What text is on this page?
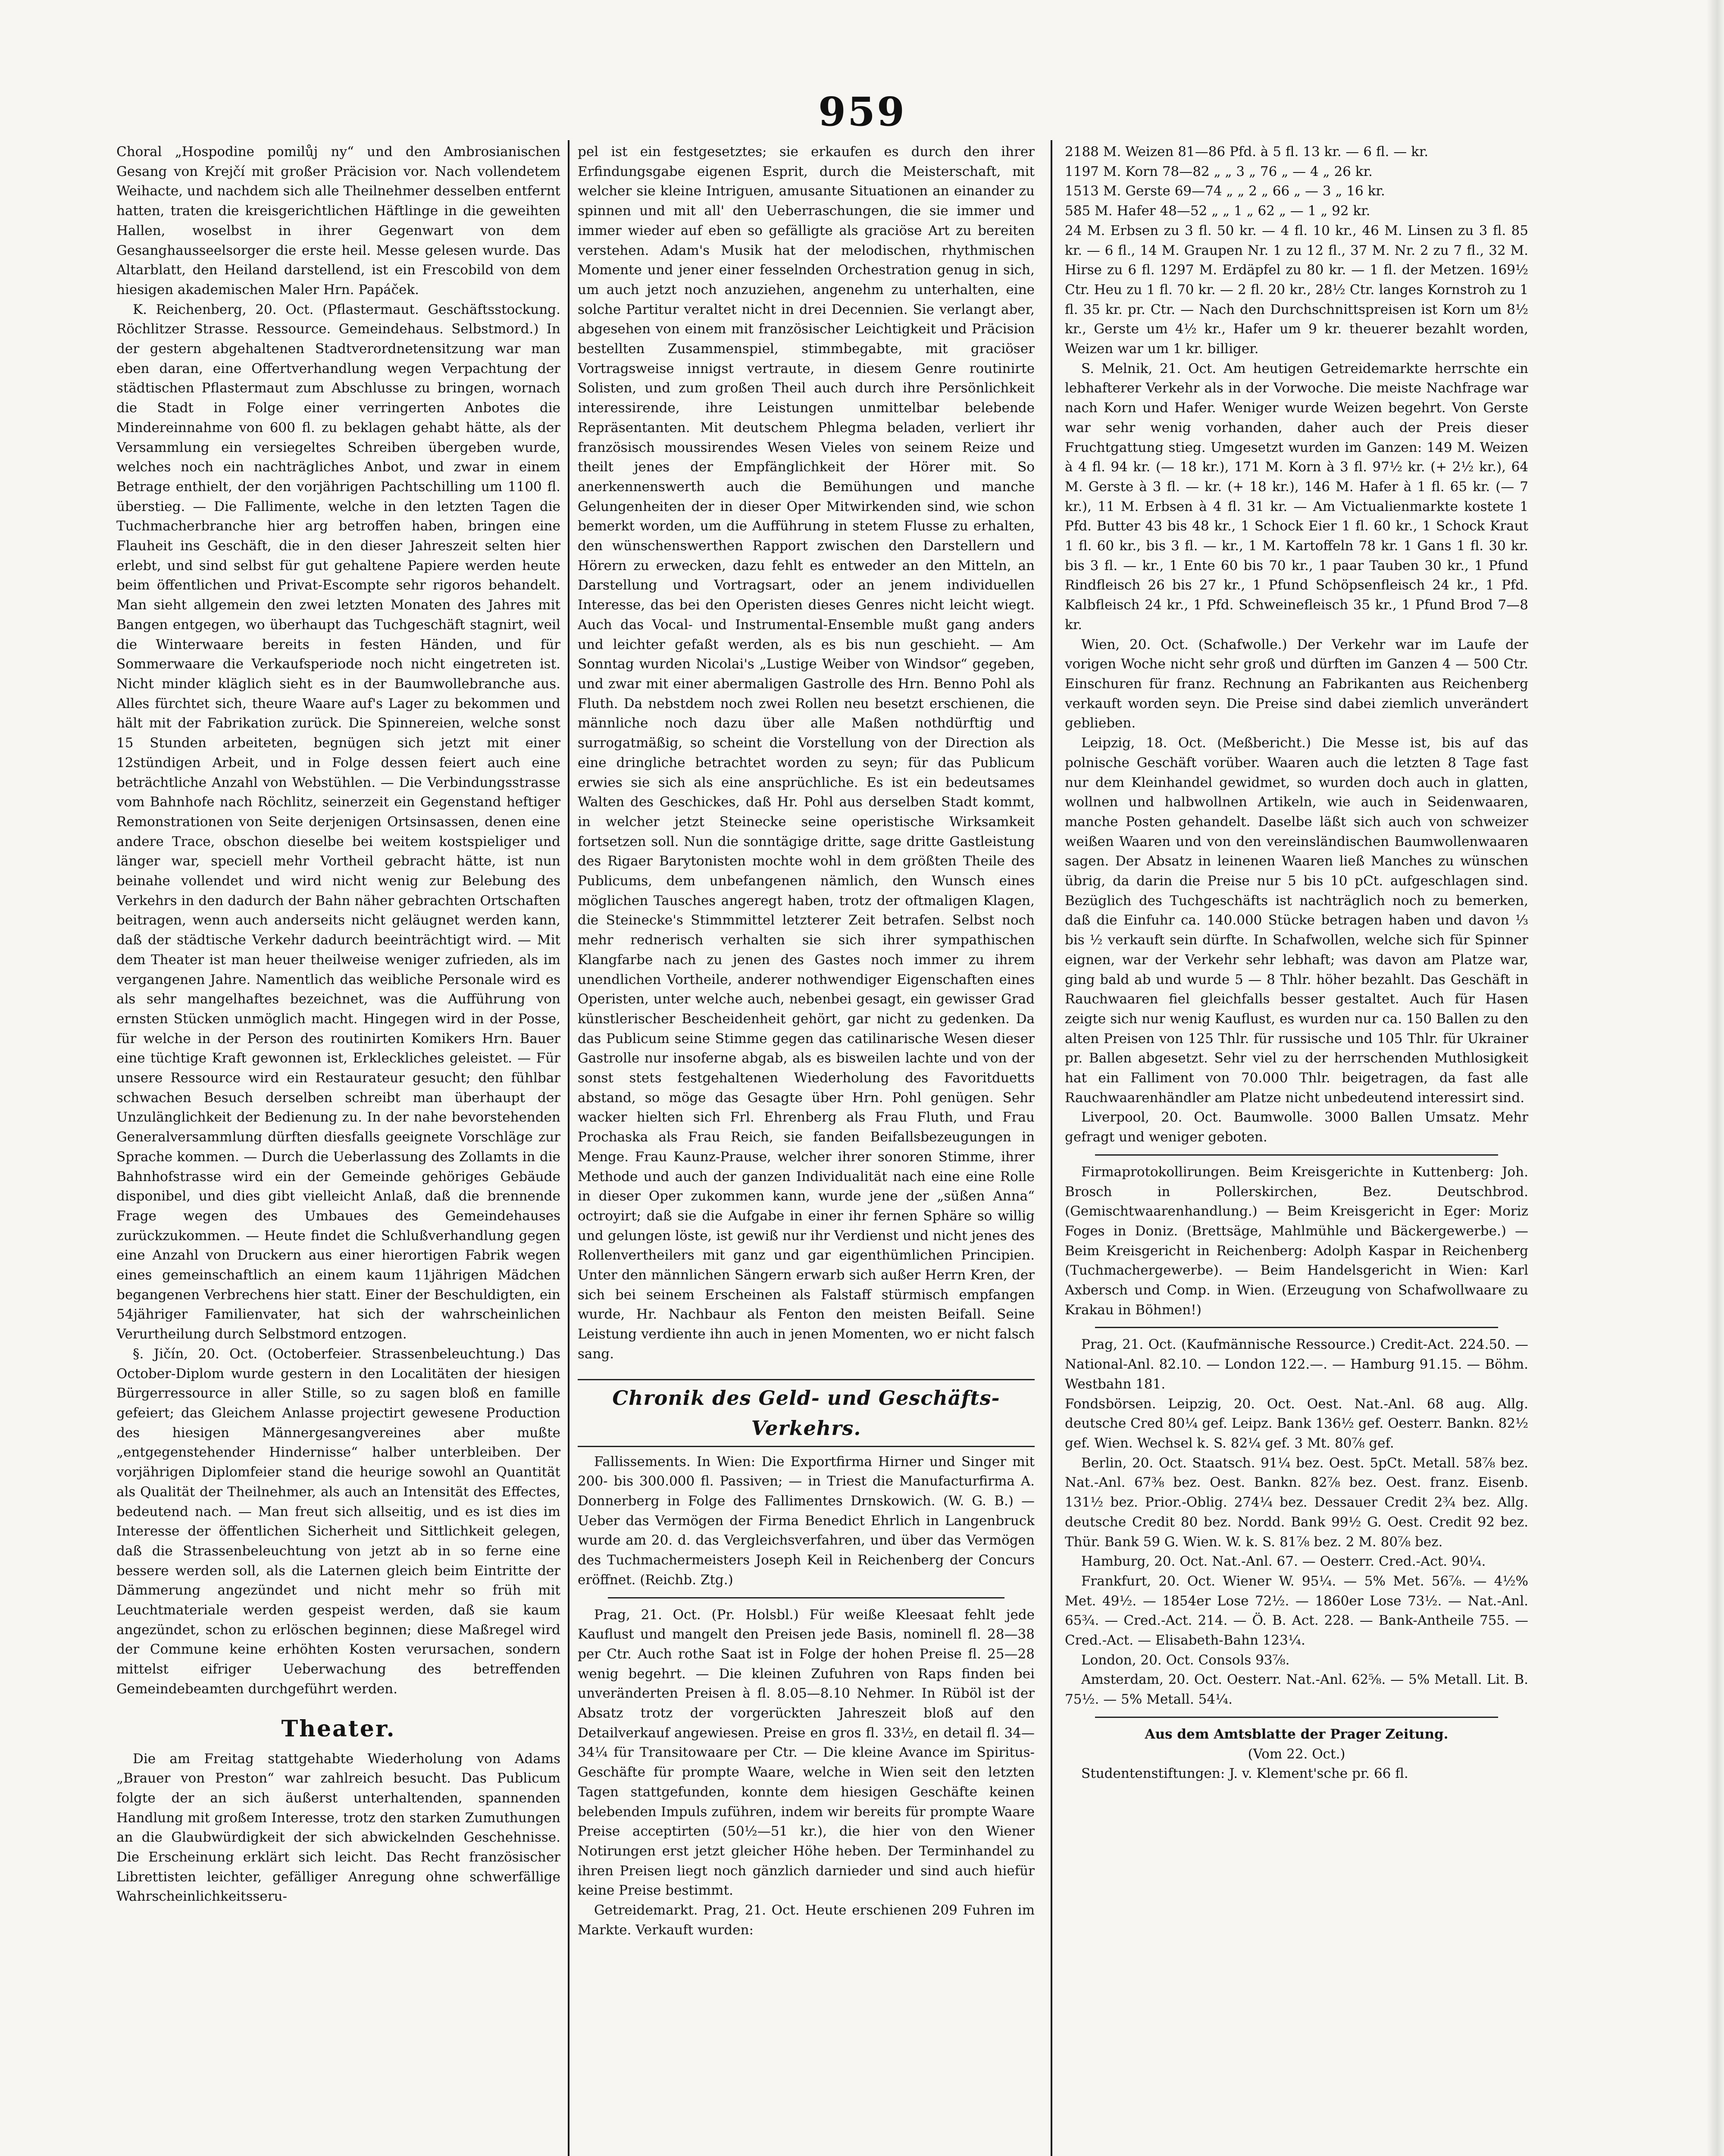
959

Choral „Hospodine pomilůj ny“ und den Ambrosianischen Gesang von Krejčí mit großer Präcision vor. Nach vollendetem Weihacte, und nachdem sich alle Theilnehmer desselben entfernt hatten, traten die kreisgerichtlichen Häftlinge in die geweihten Hallen, woselbst in ihrer Gegenwart von dem Gesanghausseelsorger die erste heil. Messe gelesen wurde. Das Altarblatt, den Heiland darstellend, ist ein Frescobild von dem hiesigen akademischen Maler Hrn. Papáček.

K. Reichenberg, 20. Oct. (Pflastermaut. Geschäftsstockung. Röchlitzer Strasse. Ressource. Gemeindehaus. Selbstmord.) In der gestern abgehaltenen Stadtverordnetensitzung war man eben daran, eine Offertverhandlung wegen Verpachtung der städtischen Pflastermaut zum Abschlusse zu bringen, wornach die Stadt in Folge einer verringerten Anbotes die Mindereinnahme von 600 fl. zu beklagen gehabt hätte, als der Versammlung ein versiegeltes Schreiben übergeben wurde, welches noch ein nachträgliches Anbot, und zwar in einem Betrage enthielt, der den vorjährigen Pachtschilling um 1100 fl. überstieg. — Die Fallimente, welche in den letzten Tagen die Tuchmacherbranche hier arg betroffen haben, bringen eine Flauheit ins Geschäft, die in den dieser Jahreszeit selten hier erlebt, und sind selbst für gut gehaltene Papiere werden heute beim öffentlichen und Privat-Escompte sehr rigoros behandelt. Man sieht allgemein den zwei letzten Monaten des Jahres mit Bangen entgegen, wo überhaupt das Tuchgeschäft stagnirt, weil die Winterwaare bereits in festen Händen, und für Sommerwaare die Verkaufsperiode noch nicht eingetreten ist. Nicht minder kläglich sieht es in der Baumwollebranche aus. Alles fürchtet sich, theure Waare auf's Lager zu bekommen und hält mit der Fabrikation zurück. Die Spinnereien, welche sonst 15 Stunden arbeiteten, begnügen sich jetzt mit einer 12stündigen Arbeit, und in Folge dessen feiert auch eine beträchtliche Anzahl von Webstühlen. — Die Verbindungsstrasse vom Bahnhofe nach Röchlitz, seinerzeit ein Gegenstand heftiger Remonstrationen von Seite derjenigen Ortsinsassen, denen eine andere Trace, obschon dieselbe bei weitem kostspieliger und länger war, speciell mehr Vortheil gebracht hätte, ist nun beinahe vollendet und wird nicht wenig zur Belebung des Verkehrs in den dadurch der Bahn näher gebrachten Ortschaften beitragen, wenn auch anderseits nicht geläugnet werden kann, daß der städtische Verkehr dadurch beeinträchtigt wird. — Mit dem Theater ist man heuer theilweise weniger zufrieden, als im vergangenen Jahre. Namentlich das weibliche Personale wird es als sehr mangelhaftes bezeichnet, was die Aufführung von ernsten Stücken unmöglich macht. Hingegen wird in der Posse, für welche in der Person des routinirten Komikers Hrn. Bauer eine tüchtige Kraft gewonnen ist, Erkleckliches geleistet. — Für unsere Ressource wird ein Restaurateur gesucht; den fühlbar schwachen Besuch derselben schreibt man überhaupt der Unzulänglichkeit der Bedienung zu. In der nahe bevorstehenden Generalversammlung dürften diesfalls geeignete Vorschläge zur Sprache kommen. — Durch die Ueberlassung des Zollamts in die Bahnhofstrasse wird ein der Gemeinde gehöriges Gebäude disponibel, und dies gibt vielleicht Anlaß, daß die brennende Frage wegen des Umbaues des Gemeindehauses zurückzukommen. — Heute findet die Schlußverhandlung gegen eine Anzahl von Druckern aus einer hierortigen Fabrik wegen eines gemeinschaftlich an einem kaum 11jährigen Mädchen begangenen Verbrechens hier statt. Einer der Beschuldigten, ein 54jähriger Familienvater, hat sich der wahrscheinlichen Verurtheilung durch Selbstmord entzogen.

§. Jičín, 20. Oct. (Octoberfeier. Strassenbeleuchtung.) Das October-Diplom wurde gestern in den Localitäten der hiesigen Bürgerressource in aller Stille, so zu sagen bloß en famille gefeiert; das Gleichem Anlasse projectirt gewesene Production des hiesigen Männergesangvereines aber mußte „entgegenstehender Hindernisse“ halber unterbleiben. Der vorjährigen Diplomfeier stand die heurige sowohl an Quantität als Qualität der Theilnehmer, als auch an Intensität des Effectes, bedeutend nach. — Man freut sich allseitig, und es ist dies im Interesse der öffentlichen Sicherheit und Sittlichkeit gelegen, daß die Strassenbeleuchtung von jetzt ab in so ferne eine bessere werden soll, als die Laternen gleich beim Eintritte der Dämmerung angezündet und nicht mehr so früh mit Leuchtmateriale werden gespeist werden, daß sie kaum angezündet, schon zu erlöschen beginnen; diese Maßregel wird der Commune keine erhöhten Kosten verursachen, sondern mittelst eifriger Ueberwachung des betreffenden Gemeindebeamten durchgeführt werden.

Theater.

Die am Freitag stattgehabte Wiederholung von Adams „Brauer von Preston“ war zahlreich besucht. Das Publicum folgte der an sich äußerst unterhaltenden, spannenden Handlung mit großem Interesse, trotz den starken Zumuthungen an die Glaubwürdigkeit der sich abwickelnden Geschehnisse. Die Erscheinung erklärt sich leicht. Das Recht französischer Librettisten leichter, gefälliger Anregung ohne schwerfällige Wahrscheinlichkeitsseru-

pel ist ein festgesetztes; sie erkaufen es durch den ihrer Erfindungsgabe eigenen Esprit, durch die Meisterschaft, mit welcher sie kleine Intriguen, amusante Situationen an einander zu spinnen und mit all' den Ueberraschungen, die sie immer und immer wieder auf eben so gefälligte als graciöse Art zu bereiten verstehen. Adam's Musik hat der melodischen, rhythmischen Momente und jener einer fesselnden Orchestration genug in sich, um auch jetzt noch anzuziehen, angenehm zu unterhalten, eine solche Partitur veraltet nicht in drei Decennien. Sie verlangt aber, abgesehen von einem mit französischer Leichtigkeit und Präcision bestellten Zusammenspiel, stimmbegabte, mit graciöser Vortragsweise innigst vertraute, in diesem Genre routinirte Solisten, und zum großen Theil auch durch ihre Persönlichkeit interessirende, ihre Leistungen unmittelbar belebende Repräsentanten. Mit deutschem Phlegma beladen, verliert ihr französisch moussirendes Wesen Vieles von seinem Reize und theilt jenes der Empfänglichkeit der Hörer mit. So anerkennenswerth auch die Bemühungen und manche Gelungenheiten der in dieser Oper Mitwirkenden sind, wie schon bemerkt worden, um die Aufführung in stetem Flusse zu erhalten, den wünschenswerthen Rapport zwischen den Darstellern und Hörern zu erwecken, dazu fehlt es entweder an den Mitteln, an Darstellung und Vortragsart, oder an jenem individuellen Interesse, das bei den Operisten dieses Genres nicht leicht wiegt. Auch das Vocal- und Instrumental-Ensemble mußt gang anders und leichter gefaßt werden, als es bis nun geschieht. — Am Sonntag wurden Nicolai's „Lustige Weiber von Windsor“ gegeben, und zwar mit einer abermaligen Gastrolle des Hrn. Benno Pohl als Fluth. Da nebstdem noch zwei Rollen neu besetzt erschienen, die männliche noch dazu über alle Maßen nothdürftig und surrogatmäßig, so scheint die Vorstellung von der Direction als eine dringliche betrachtet worden zu seyn; für das Publicum erwies sie sich als eine ansprüchliche. Es ist ein bedeutsames Walten des Geschickes, daß Hr. Pohl aus derselben Stadt kommt, in welcher jetzt Steinecke seine operistische Wirksamkeit fortsetzen soll. Nun die sonntägige dritte, sage dritte Gastleistung des Rigaer Barytonisten mochte wohl in dem größten Theile des Publicums, dem unbefangenen nämlich, den Wunsch eines möglichen Tausches angeregt haben, trotz der oftmaligen Klagen, die Steinecke's Stimmmittel letzterer Zeit betrafen. Selbst noch mehr rednerisch verhalten sie sich ihrer sympathischen Klangfarbe nach zu jenen des Gastes noch immer zu ihrem unendlichen Vortheile, anderer nothwendiger Eigenschaften eines Operisten, unter welche auch, nebenbei gesagt, ein gewisser Grad künstlerischer Bescheidenheit gehört, gar nicht zu gedenken. Da das Publicum seine Stimme gegen das catilinarische Wesen dieser Gastrolle nur insoferne abgab, als es bisweilen lachte und von der sonst stets festgehaltenen Wiederholung des Favoritduetts abstand, so möge das Gesagte über Hrn. Pohl genügen. Sehr wacker hielten sich Frl. Ehrenberg als Frau Fluth, und Frau Prochaska als Frau Reich, sie fanden Beifallsbezeugungen in Menge. Frau Kaunz-Prause, welcher ihrer sonoren Stimme, ihrer Methode und auch der ganzen Individualität nach eine eine Rolle in dieser Oper zukommen kann, wurde jene der „süßen Anna“ octroyirt; daß sie die Aufgabe in einer ihr fernen Sphäre so willig und gelungen löste, ist gewiß nur ihr Verdienst und nicht jenes des Rollenvertheilers mit ganz und gar eigenthümlichen Principien. Unter den männlichen Sängern erwarb sich außer Herrn Kren, der sich bei seinem Erscheinen als Falstaff stürmisch empfangen wurde, Hr. Nachbaur als Fenton den meisten Beifall. Seine Leistung verdiente ihn auch in jenen Momenten, wo er nicht falsch sang.

Chronik des Geld- und Geschäfts-Verkehrs.

Fallissements. In Wien: Die Exportfirma Hirner und Singer mit 200- bis 300.000 fl. Passiven; — in Triest die Manufacturfirma A. Donnerberg in Folge des Fallimentes Drnskowich. (W. G. B.) — Ueber das Vermögen der Firma Benedict Ehrlich in Langenbruck wurde am 20. d. das Vergleichsverfahren, und über das Vermögen des Tuchmachermeisters Joseph Keil in Reichenberg der Concurs eröffnet. (Reichb. Ztg.)

Prag, 21. Oct. (Pr. Holsbl.) Für weiße Kleesaat fehlt jede Kauflust und mangelt den Preisen jede Basis, nominell fl. 28—38 per Ctr. Auch rothe Saat ist in Folge der hohen Preise fl. 25—28 wenig begehrt. — Die kleinen Zufuhren von Raps finden bei unveränderten Preisen à fl. 8.05—8.10 Nehmer. In Rüböl ist der Absatz trotz der vorgerückten Jahreszeit bloß auf den Detailverkauf angewiesen. Preise en gros fl. 33½, en detail fl. 34—34¼ für Transitowaare per Ctr. — Die kleine Avance im Spiritus-Geschäfte für prompte Waare, welche in Wien seit den letzten Tagen stattgefunden, konnte dem hiesigen Geschäfte keinen belebenden Impuls zuführen, indem wir bereits für prompte Waare Preise acceptirten (50½—51 kr.), die hier von den Wiener Notirungen erst jetzt gleicher Höhe heben. Der Terminhandel zu ihren Preisen liegt noch gänzlich darnieder und sind auch hiefür keine Preise bestimmt.

Getreidemarkt. Prag, 21. Oct. Heute erschienen 209 Fuhren im Markte. Verkauft wurden:

2188 M. Weizen 81—86 Pfd. à 5 fl. 13 kr. — 6 fl. — kr.

1197 M. Korn 78—82 „ „ 3 „ 76 „ — 4 „ 26 kr.

1513 M. Gerste 69—74 „ „ 2 „ 66 „ — 3 „ 16 kr.

585 M. Hafer 48—52 „ „ 1 „ 62 „ — 1 „ 92 kr.

24 M. Erbsen zu 3 fl. 50 kr. — 4 fl. 10 kr., 46 M. Linsen zu 3 fl. 85 kr. — 6 fl., 14 M. Graupen Nr. 1 zu 12 fl., 37 M. Nr. 2 zu 7 fl., 32 M. Hirse zu 6 fl. 1297 M. Erdäpfel zu 80 kr. — 1 fl. der Metzen. 169½ Ctr. Heu zu 1 fl. 70 kr. — 2 fl. 20 kr., 28½ Ctr. langes Kornstroh zu 1 fl. 35 kr. pr. Ctr. — Nach den Durchschnittspreisen ist Korn um 8½ kr., Gerste um 4½ kr., Hafer um 9 kr. theuerer bezahlt worden, Weizen war um 1 kr. billiger.

S. Melnik, 21. Oct. Am heutigen Getreidemarkte herrschte ein lebhafterer Verkehr als in der Vorwoche. Die meiste Nachfrage war nach Korn und Hafer. Weniger wurde Weizen begehrt. Von Gerste war sehr wenig vorhanden, daher auch der Preis dieser Fruchtgattung stieg. Umgesetzt wurden im Ganzen: 149 M. Weizen à 4 fl. 94 kr. (— 18 kr.), 171 M. Korn à 3 fl. 97½ kr. (+ 2½ kr.), 64 M. Gerste à 3 fl. — kr. (+ 18 kr.), 146 M. Hafer à 1 fl. 65 kr. (— 7 kr.), 11 M. Erbsen à 4 fl. 31 kr. — Am Victualienmarkte kostete 1 Pfd. Butter 43 bis 48 kr., 1 Schock Eier 1 fl. 60 kr., 1 Schock Kraut 1 fl. 60 kr., bis 3 fl. — kr., 1 M. Kartoffeln 78 kr. 1 Gans 1 fl. 30 kr. bis 3 fl. — kr., 1 Ente 60 bis 70 kr., 1 paar Tauben 30 kr., 1 Pfund Rindfleisch 26 bis 27 kr., 1 Pfund Schöpsenfleisch 24 kr., 1 Pfd. Kalbfleisch 24 kr., 1 Pfd. Schweinefleisch 35 kr., 1 Pfund Brod 7—8 kr.

Wien, 20. Oct. (Schafwolle.) Der Verkehr war im Laufe der vorigen Woche nicht sehr groß und dürften im Ganzen 4 — 500 Ctr. Einschuren für franz. Rechnung an Fabrikanten aus Reichenberg verkauft worden seyn. Die Preise sind dabei ziemlich unverändert geblieben.

Leipzig, 18. Oct. (Meßbericht.) Die Messe ist, bis auf das polnische Geschäft vorüber. Waaren auch die letzten 8 Tage fast nur dem Kleinhandel gewidmet, so wurden doch auch in glatten, wollnen und halbwollnen Artikeln, wie auch in Seidenwaaren, manche Posten gehandelt. Daselbe läßt sich auch von schweizer weißen Waaren und von den vereinsländischen Baumwollenwaaren sagen. Der Absatz in leinenen Waaren ließ Manches zu wünschen übrig, da darin die Preise nur 5 bis 10 pCt. aufgeschlagen sind. Bezüglich des Tuchgeschäfts ist nachträglich noch zu bemerken, daß die Einfuhr ca. 140.000 Stücke betragen haben und davon ⅓ bis ½ verkauft sein dürfte. In Schafwollen, welche sich für Spinner eignen, war der Verkehr sehr lebhaft; was davon am Platze war, ging bald ab und wurde 5 — 8 Thlr. höher bezahlt. Das Geschäft in Rauchwaaren fiel gleichfalls besser gestaltet. Auch für Hasen zeigte sich nur wenig Kauflust, es wurden nur ca. 150 Ballen zu den alten Preisen von 125 Thlr. für russische und 105 Thlr. für Ukrainer pr. Ballen abgesetzt. Sehr viel zu der herrschenden Muthlosigkeit hat ein Falliment von 70.000 Thlr. beigetragen, da fast alle Rauchwaarenhändler am Platze nicht unbedeutend interessirt sind.

Liverpool, 20. Oct. Baumwolle. 3000 Ballen Umsatz. Mehr gefragt und weniger geboten.

Firmaprotokollirungen. Beim Kreisgerichte in Kuttenberg: Joh. Brosch in Pollerskirchen, Bez. Deutschbrod. (Gemischtwaarenhandlung.) — Beim Kreisgericht in Eger: Moriz Foges in Doniz. (Brettsäge, Mahlmühle und Bäckergewerbe.) — Beim Kreisgericht in Reichenberg: Adolph Kaspar in Reichenberg (Tuchmachergewerbe). — Beim Handelsgericht in Wien: Karl Axbersch und Comp. in Wien. (Erzeugung von Schafwollwaare zu Krakau in Böhmen!)

Prag, 21. Oct. (Kaufmännische Ressource.) Credit-Act. 224.50. — National-Anl. 82.10. — London 122.—. — Hamburg 91.15. — Böhm. Westbahn 181.

Fondsbörsen. Leipzig, 20. Oct. Oest. Nat.-Anl. 68 aug. Allg. deutsche Cred 80¼ gef. Leipz. Bank 136½ gef. Oesterr. Bankn. 82½ gef. Wien. Wechsel k. S. 82¼ gef. 3 Mt. 80⅞ gef.

Berlin, 20. Oct. Staatsch. 91¼ bez. Oest. 5pCt. Metall. 58⅞ bez. Nat.-Anl. 67⅜ bez. Oest. Bankn. 82⅞ bez. Oest. franz. Eisenb. 131½ bez. Prior.-Oblig. 274¼ bez. Dessauer Credit 2¾ bez. Allg. deutsche Credit 80 bez. Nordd. Bank 99½ G. Oest. Credit 92 bez. Thür. Bank 59 G. Wien. W. k. S. 81⅞ bez. 2 M. 80⅞ bez.

Hamburg, 20. Oct. Nat.-Anl. 67. — Oesterr. Cred.-Act. 90¼.

Frankfurt, 20. Oct. Wiener W. 95¼. — 5% Met. 56⅞. — 4½% Met. 49½. — 1854er Lose 72½. — 1860er Lose 73½. — Nat.-Anl. 65¾. — Cred.-Act. 214. — Ö. B. Act. 228. — Bank-Antheile 755. — Cred.-Act. — Elisabeth-Bahn 123¼.

London, 20. Oct. Consols 93⅞.

Amsterdam, 20. Oct. Oesterr. Nat.-Anl. 62⅝. — 5% Metall. Lit. B. 75½. — 5% Metall. 54¼.

Aus dem Amtsblatte der Prager Zeitung.
(Vom 22. Oct.)

Studentenstiftungen: J. v. Klement'sche pr. 66 fl.
